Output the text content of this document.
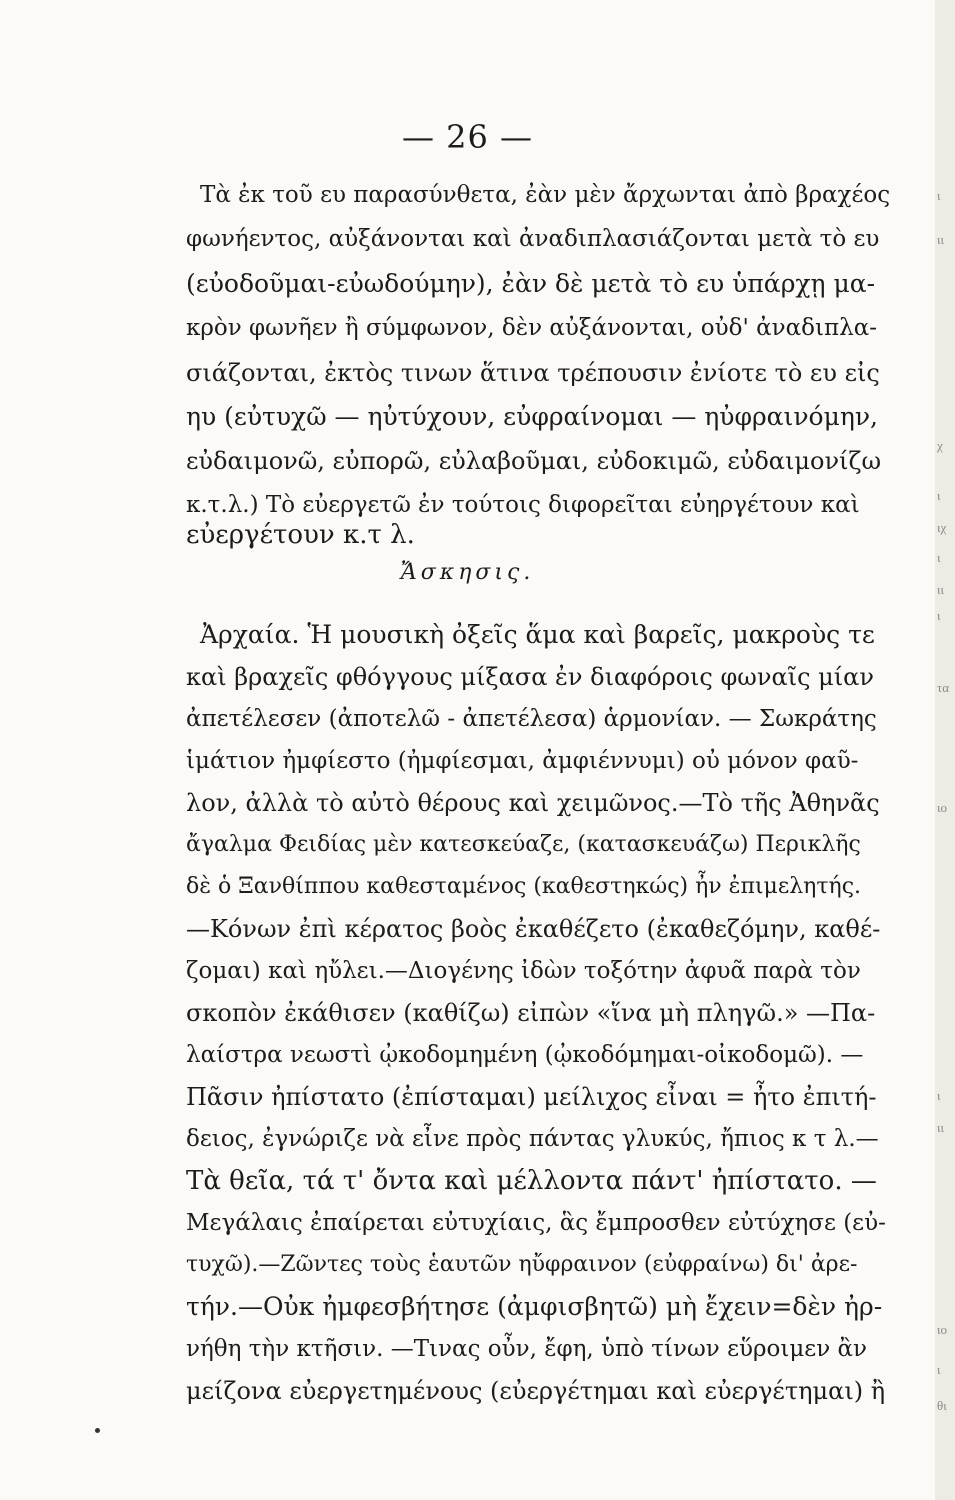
— 26 —
Τὰ ἐκ τοῦ ευ παρασύνθετα, ἐὰν μὲν ἄρχωνται ἀπὸ βραχέος
φωνήεντος, αὐξάνονται καὶ ἀναδιπλασιάζονται μετὰ τὸ ευ
(εὐοδοῦμαι-εὐωδούμην), ἐὰν δὲ μετὰ τὸ ευ ὑπάρχῃ μα-
κρὸν φωνῆεν ἢ σύμφωνον, δὲν αὐξάνονται, οὐδ' ἀναδιπλα-
σιάζονται, ἐκτὸς τινων ἅτινα τρέπουσιν ἐνίοτε τὸ ευ εἰς
ηυ (εὐτυχῶ — ηὐτύχουν, εὐφραίνομαι — ηὐφραινόμην,
εὐδαιμονῶ, εὐπορῶ, εὐλαβοῦμαι, εὐδοκιμῶ, εὐδαιμονίζω
κ.τ.λ.) Τὸ εὐεργετῶ ἐν τούτοις διφορεῖται εὐηργέτουν καὶ
εὐεργέτουν κ.τ λ.
Ἄσκησις.
Ἀρχαία. Ἡ μουσικὴ ὀξεῖς ἅμα καὶ βαρεῖς, μακροὺς τε
καὶ βραχεῖς φθόγγους μίξασα ἐν διαφόροις φωναῖς μίαν
ἀπετέλεσεν (ἀποτελῶ - ἀπετέλεσα) ἁρμονίαν. — Σωκράτης
ἱμάτιον ἠμφίεστο (ἠμφίεσμαι, ἀμφιέννυμι) οὐ μόνον φαῦ-
λον, ἀλλὰ τὸ αὐτὸ θέρους καὶ χειμῶνος.—Τὸ τῆς Ἀθηνᾶς
ἄγαλμα Φειδίας μὲν κατεσκεύαζε, (κατασκευάζω) Περικλῆς
δὲ ὁ Ξανθίππου καθεσταμένος (καθεστηκώς) ἦν ἐπιμελητής.
—Κόνων ἐπὶ κέρατος βοὸς ἐκαθέζετο (ἐκαθεζόμην, καθέ-
ζομαι) καὶ ηὔλει.—Διογένης ἰδὼν τοξότην ἀφυᾶ παρὰ τὸν
σκοπὸν ἐκάθισεν (καθίζω) εἰπὼν «ἵνα μὴ πληγῶ.» —Πα-
λαίστρα νεωστὶ ᾠκοδομημένη (ᾠκοδόμημαι-οἰκοδομῶ). —
Πᾶσιν ἠπίστατο (ἐπίσταμαι) μείλιχος εἶναι = ἦτο ἐπιτή-
δειος, ἐγνώριζε νὰ εἶνε πρὸς πάντας γλυκύς, ἤπιος κ τ λ.—
Τὰ θεῖα, τά τ' ὄντα καὶ μέλλοντα πάντ' ἠπίστατο. —
Μεγάλαις ἐπαίρεται εὐτυχίαις, ἃς ἔμπροσθεν εὐτύχησε (εὐ-
τυχῶ).—Ζῶντες τοὺς ἑαυτῶν ηὔφραινον (εὐφραίνω) δι' ἀρε-
τήν.—Οὐκ ἠμφεσβήτησε (ἀμφισβητῶ) μὴ ἔχειν=δὲν ἠρ-
νήθη τὴν κτῆσιν. —Τινας οὖν, ἔφη, ὑπὸ τίνων εὕροιμεν ἂν
μείζονα εὐεργετημένους (εὐεργέτημαι καὶ εὐεργέτημαι) ἢ
ι
ιι
χ
ι
ιχ
ι
ιι
ι
τα
ιο
ι
ιι
ιο
ι
θι
